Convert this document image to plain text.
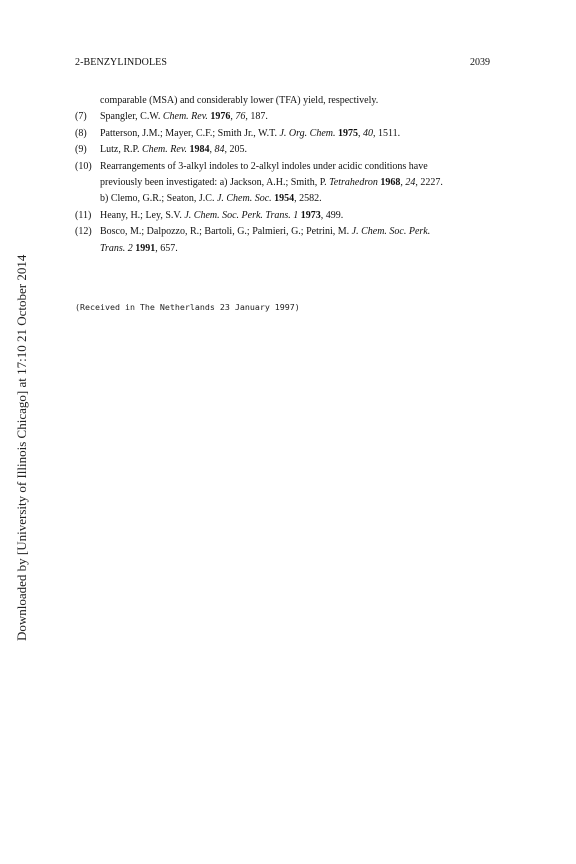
2-BENZYLINDOLES	2039
comparable (MSA) and considerably lower (TFA) yield, respectively.
(7)	Spangler, C.W. Chem. Rev. 1976, 76, 187.
(8)	Patterson, J.M.; Mayer, C.F.; Smith Jr., W.T. J. Org. Chem. 1975, 40, 1511.
(9)	Lutz, R.P. Chem. Rev. 1984, 84, 205.
(10) Rearrangements of 3-alkyl indoles to 2-alkyl indoles under acidic conditions have
previously been investigated: a) Jackson, A.H.; Smith, P. Tetrahedron 1968, 24, 2227.
b) Clemo, G.R.; Seaton, J.C. J. Chem. Soc. 1954, 2582.
(11) Heany, H.; Ley, S.V. J. Chem. Soc. Perk. Trans. 1 1973, 499.
(12) Bosco, M.; Dalpozzo, R.; Bartoli, G.; Palmieri, G.; Petrini, M. J. Chem. Soc. Perk.
Trans. 2 1991, 657.
(Received in The Netherlands 23 January 1997)
Downloaded by [University of Illinois Chicago] at 17:10 21 October 2014
